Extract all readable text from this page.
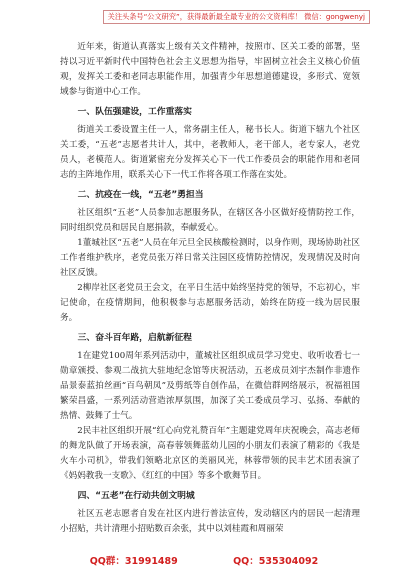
关注头条号“公文研究”，获得最新最全最专业的公文资料库！ 微信：gongwenyj
近年来，街道认真落实上级有关文件精神，按照市、区关工委的部署，坚持以习近平新时代中国特色社会主义思想为指导，牢固树立社会主义核心价值观，发挥关工委和老同志职能作用，加强青少年思想道德建设，多形式、宽领域参与街道中心工作。
一、队伍强建设，工作重落实
街道关工委设置主任一人，常务副主任人，秘书长人。街道下辖九个社区关工委，“五老”志愿者共计人，其中，老教师人，老干部人，老专家人，老党员人，老模范人。街道紧密充分发挥关心下一代工作委员会的职能作用和老同志的主阵地作用，联系关心下一代工作将各项工作落在实处。
二、抗疫在一线，“五老”勇担当
社区组织“五老”人员参加志愿服务队，在辖区各小区做好疫情防控工作，同时组织党员和居民自愿捐款，奉献爱心。
1董城社区“五老”人员在年元旦全民核酸检测时，以身作则，现场协助社区工作者维护秩序，老党员张万祥日常关注园区疫情防控情况，发现情况及时向社区反馈。
2柳岸社区老党员王会文，在平日生活中始终坚持党的领导，不忘初心，牢记使命，在疫情期间，他积极参与志愿服务活动，始终在防疫一线为居民服务。
三、奋斗百年路，启航新征程
1在建党100周年系列活动中，董城社区组织成员学习党史、收听收看七一勋章颁授、参观二战抗大驻地纪念馆等庆祝活动，五老成员刘宇杰制作非遗作品景泰蓝拍丝画“百鸟朝凤”及剪纸等自创作品，在微信群网络展示，祝福祖国繁荣昌盛，一系列活动营造浓厚氛围，加深了关工委成员学习、弘扬、奉献的热情、鼓舞了士气。
2民丰社区组织开展“红心向党礼赞百年”主题建党周年庆祝晚会，高志老师的舞龙队做了开场表演，高春蓉领舞蓝幼儿园的小朋友们表演了精彩的《我是火车小司机》，带我们领略北京区的美丽风光，林蓉带领的民丰艺术团表演了《妈妈教我一支歌》、《红红的中国》等多个歌舞节目。
四、“五老”在行动共创文明城
社区五老志愿者自发在社区内进行普法宣传，发动辖区内的居民一起清理小招贴，共计清理小招贴数百余张，其中以刘桂霞和周丽荣
QQ群：31991489	QQ：535304092
